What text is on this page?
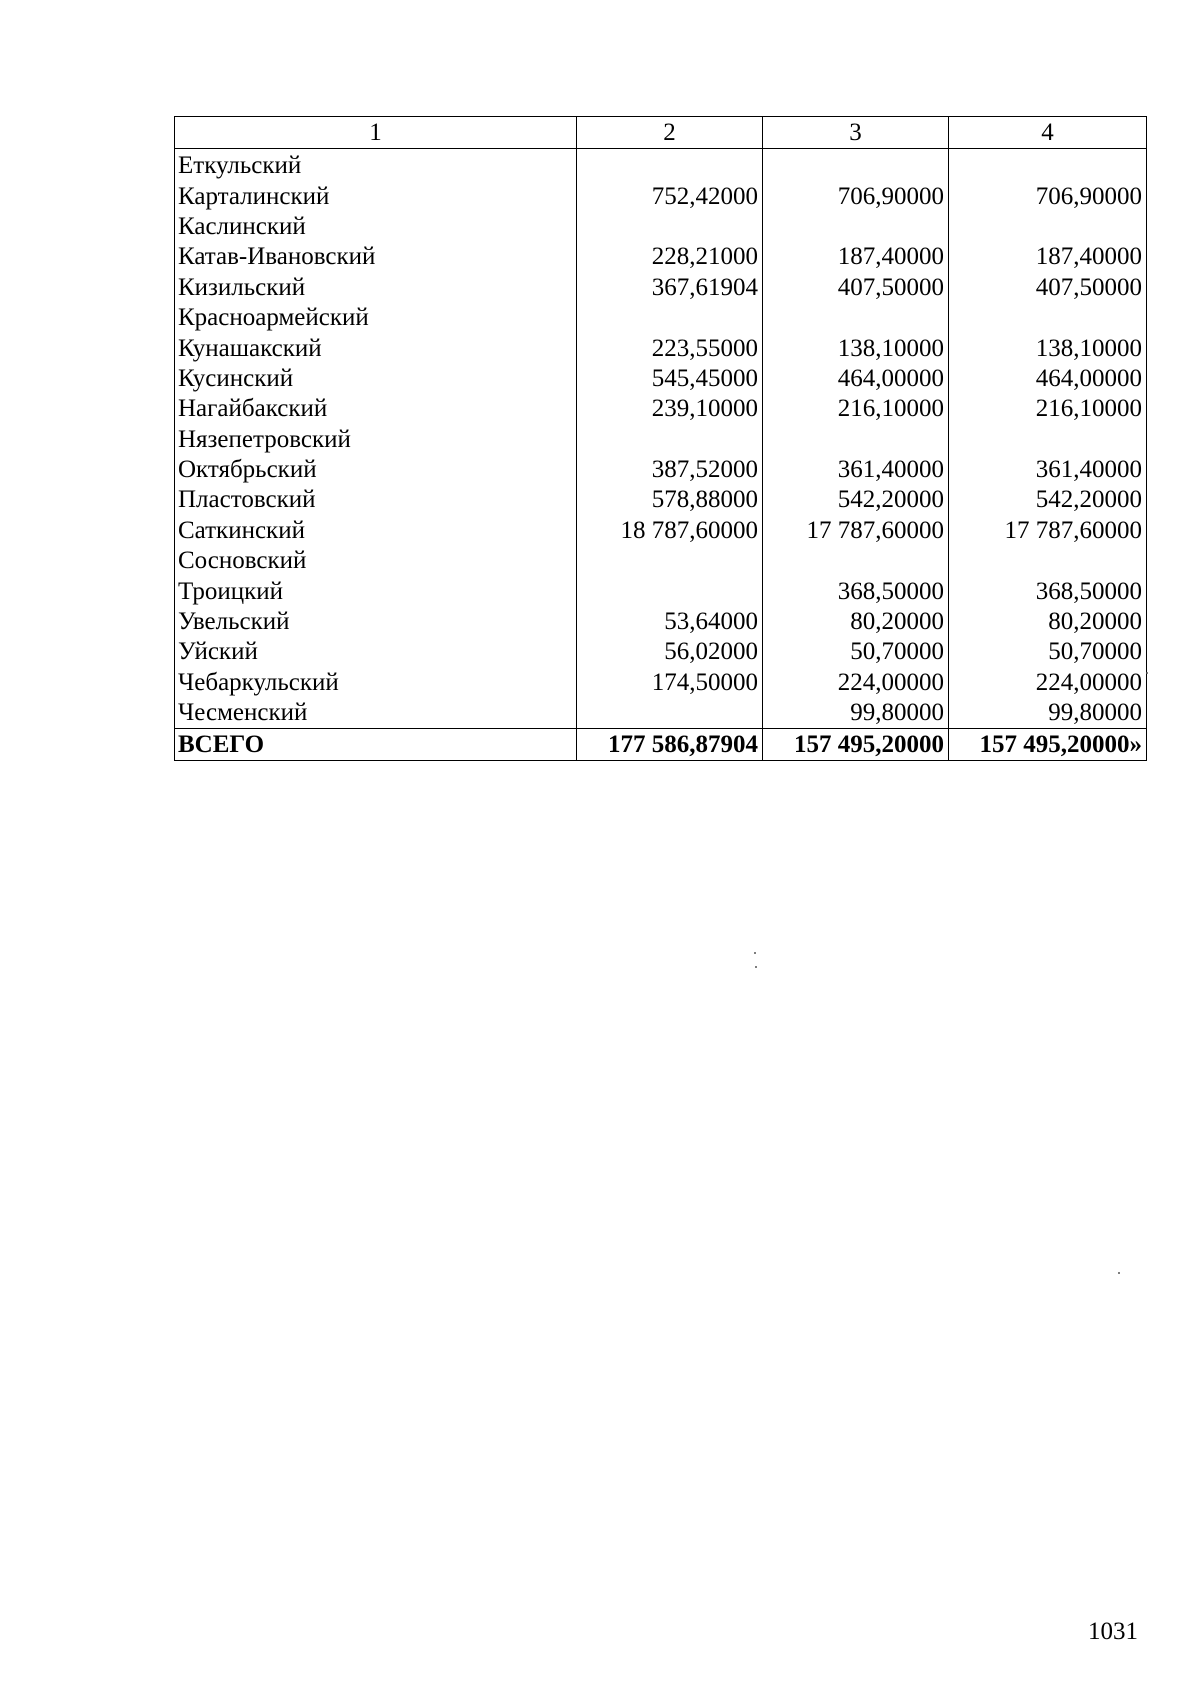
1	2	3	4
Еткульский			
Карталинский	752,42000	706,90000	706,90000
Каслинский			
Катав-Ивановский	228,21000	187,40000	187,40000
Кизильский	367,61904	407,50000	407,50000
Красноармейский			
Кунашакский	223,55000	138,10000	138,10000
Кусинский	545,45000	464,00000	464,00000
Нагайбакский	239,10000	216,10000	216,10000
Нязепетровский			
Октябрьский	387,52000	361,40000	361,40000
Пластовский	578,88000	542,20000	542,20000
Саткинский	18 787,60000	17 787,60000	17 787,60000
Сосновский			
Троицкий		368,50000	368,50000
Увельский	53,64000	80,20000	80,20000
Уйский	56,02000	50,70000	50,70000
Чебаркульский	174,50000	224,00000	224,00000
Чесменский		99,80000	99,80000
ВСЕГО	177 586,87904	157 495,20000	157 495,20000»
1031
